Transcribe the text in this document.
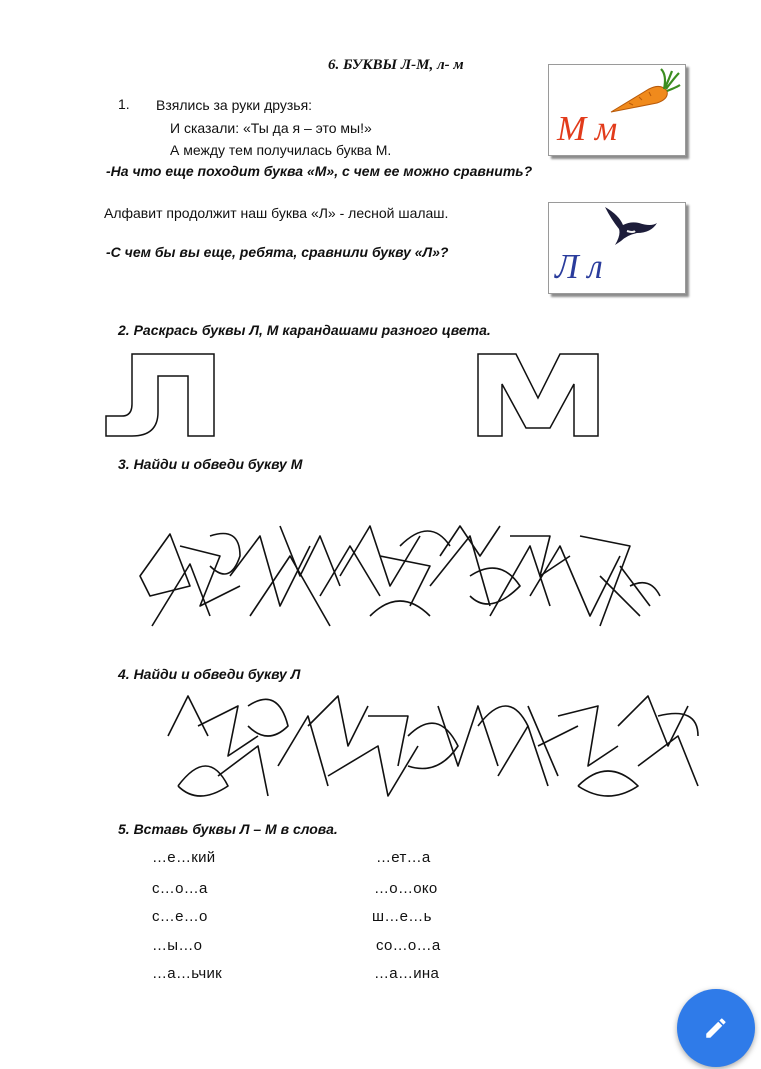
6. БУКВЫ Л-М, л- м
1. Взялись за руки друзья:
И сказали: «Ты да я – это мы!»
А между тем получилась буква М.
-На что еще походит буква «М», с чем ее можно сравнить?
Алфавит продолжит наш буква «Л» - лесной шалаш.
-С чем бы вы еще, ребята, сравнили букву «Л»?
М м
Л л
2. Раскрась буквы Л, М карандашами разного цвета.
3. Найди и обведи букву М
4. Найди и обведи букву Л
5. Вставь буквы Л – М в слова.
…е…кий
с…о…а
с…е…о
…ы…о
…а…ьчик
…ет…а
…о…око
ш…е…ь
со…о…а
…а…ина
